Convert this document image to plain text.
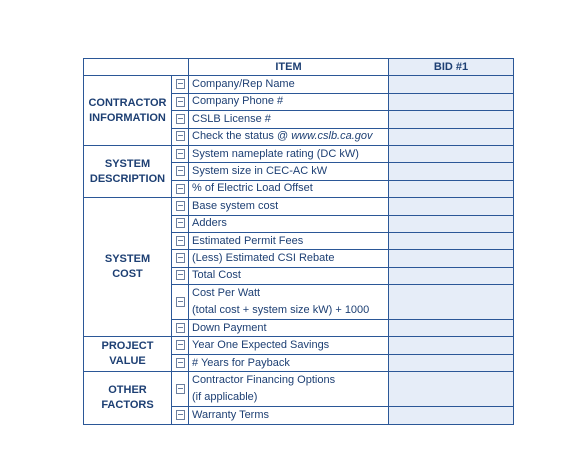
		ITEM	BID #1
CONTRACTOR
INFORMATION		Company/Rep Name	
		Company Phone #	
		CSLB License #	
		Check the status @ www.cslb.ca.gov	
SYSTEM
DESCRIPTION		System nameplate rating (DC kW)	
		System size in CEC-AC kW	
		% of Electric Load Offset	
SYSTEM
COST		Base system cost	
		Adders	
		Estimated Permit Fees	
		(Less) Estimated CSI Rebate	
		Total Cost	
		Cost Per Watt
(total cost + system size kW) + 1000	
		Down Payment	
PROJECT
VALUE		Year One Expected Savings	
		# Years for Payback	
OTHER
FACTORS		Contractor Financing Options
(if applicable)	
		Warranty Terms	
